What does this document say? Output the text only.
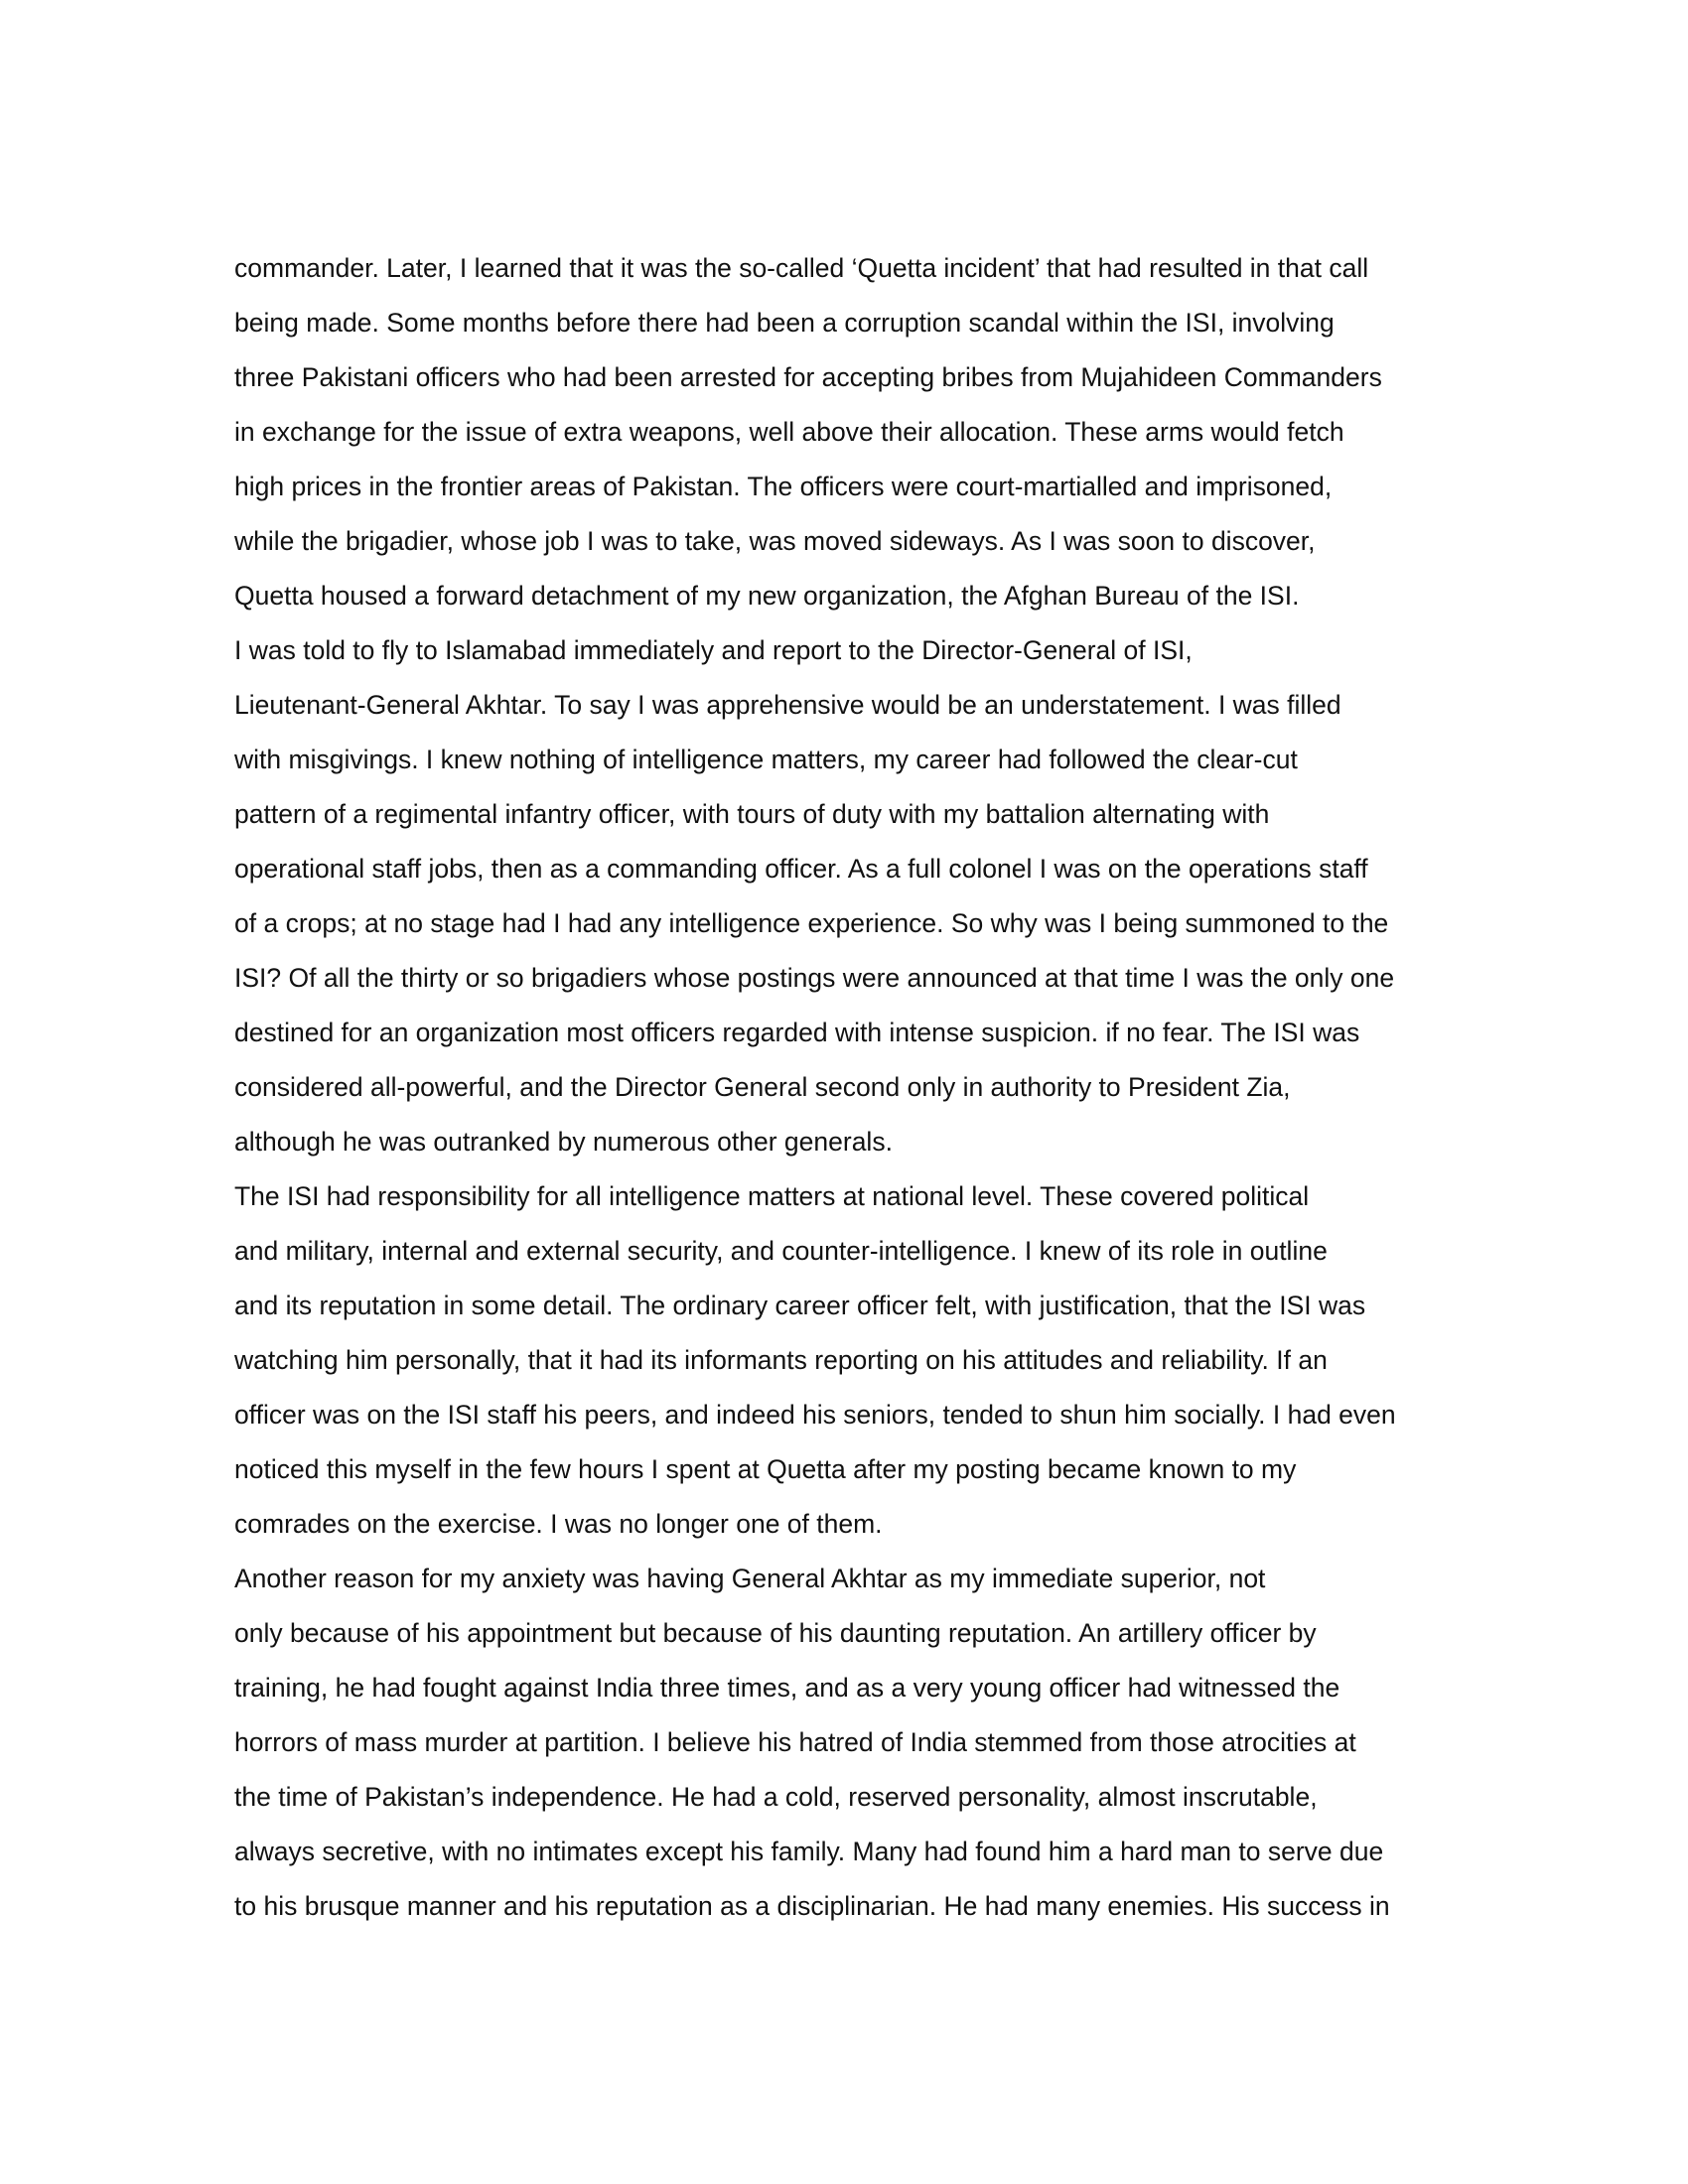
commander. Later, I learned that it was the so-called ‘Quetta incident’ that had resulted in that call
being made. Some months before there had been a corruption scandal within the ISI, involving
three Pakistani officers who had been arrested for accepting bribes from Mujahideen Commanders
in exchange for the issue of extra weapons, well above their allocation. These arms would fetch
high prices in the frontier areas of Pakistan. The officers were court-martialled and imprisoned,
while the brigadier, whose job I was to take, was moved sideways. As I was soon to discover,
Quetta housed a forward detachment of my new organization, the Afghan Bureau of the ISI.
I was told to fly to Islamabad immediately and report to the Director-General of ISI,
Lieutenant-General Akhtar. To say I was apprehensive would be an understatement. I was filled
with misgivings. I knew nothing of intelligence matters, my career had followed the clear-cut
pattern of a regimental infantry officer, with tours of duty with my battalion alternating with
operational staff jobs, then as a commanding officer. As a full colonel I was on the operations staff
of a crops; at no stage had I had any intelligence experience. So why was I being summoned to the
ISI? Of all the thirty or so brigadiers whose postings were announced at that time I was the only one
destined for an organization most officers regarded with intense suspicion. if no fear. The ISI was
considered all-powerful, and the Director General second only in authority to President Zia,
although he was outranked by numerous other generals.
The ISI had responsibility for all intelligence matters at national level. These covered political
and military, internal and external security, and counter-intelligence. I knew of its role in outline
and its reputation in some detail. The ordinary career officer felt, with justification, that the ISI was
watching him personally, that it had its informants reporting on his attitudes and reliability. If an
officer was on the ISI staff his peers, and indeed his seniors, tended to shun him socially. I had even
noticed this myself in the few hours I spent at Quetta after my posting became known to my
comrades on the exercise. I was no longer one of them.
Another reason for my anxiety was having General Akhtar as my immediate superior, not
only because of his appointment but because of his daunting reputation. An artillery officer by
training, he had fought against India three times, and as a very young officer had witnessed the
horrors of mass murder at partition. I believe his hatred of India stemmed from those atrocities at
the time of Pakistan’s independence. He had a cold, reserved personality, almost inscrutable,
always secretive, with no intimates except his family. Many had found him a hard man to serve due
to his brusque manner and his reputation as a disciplinarian. He had many enemies. His success in
